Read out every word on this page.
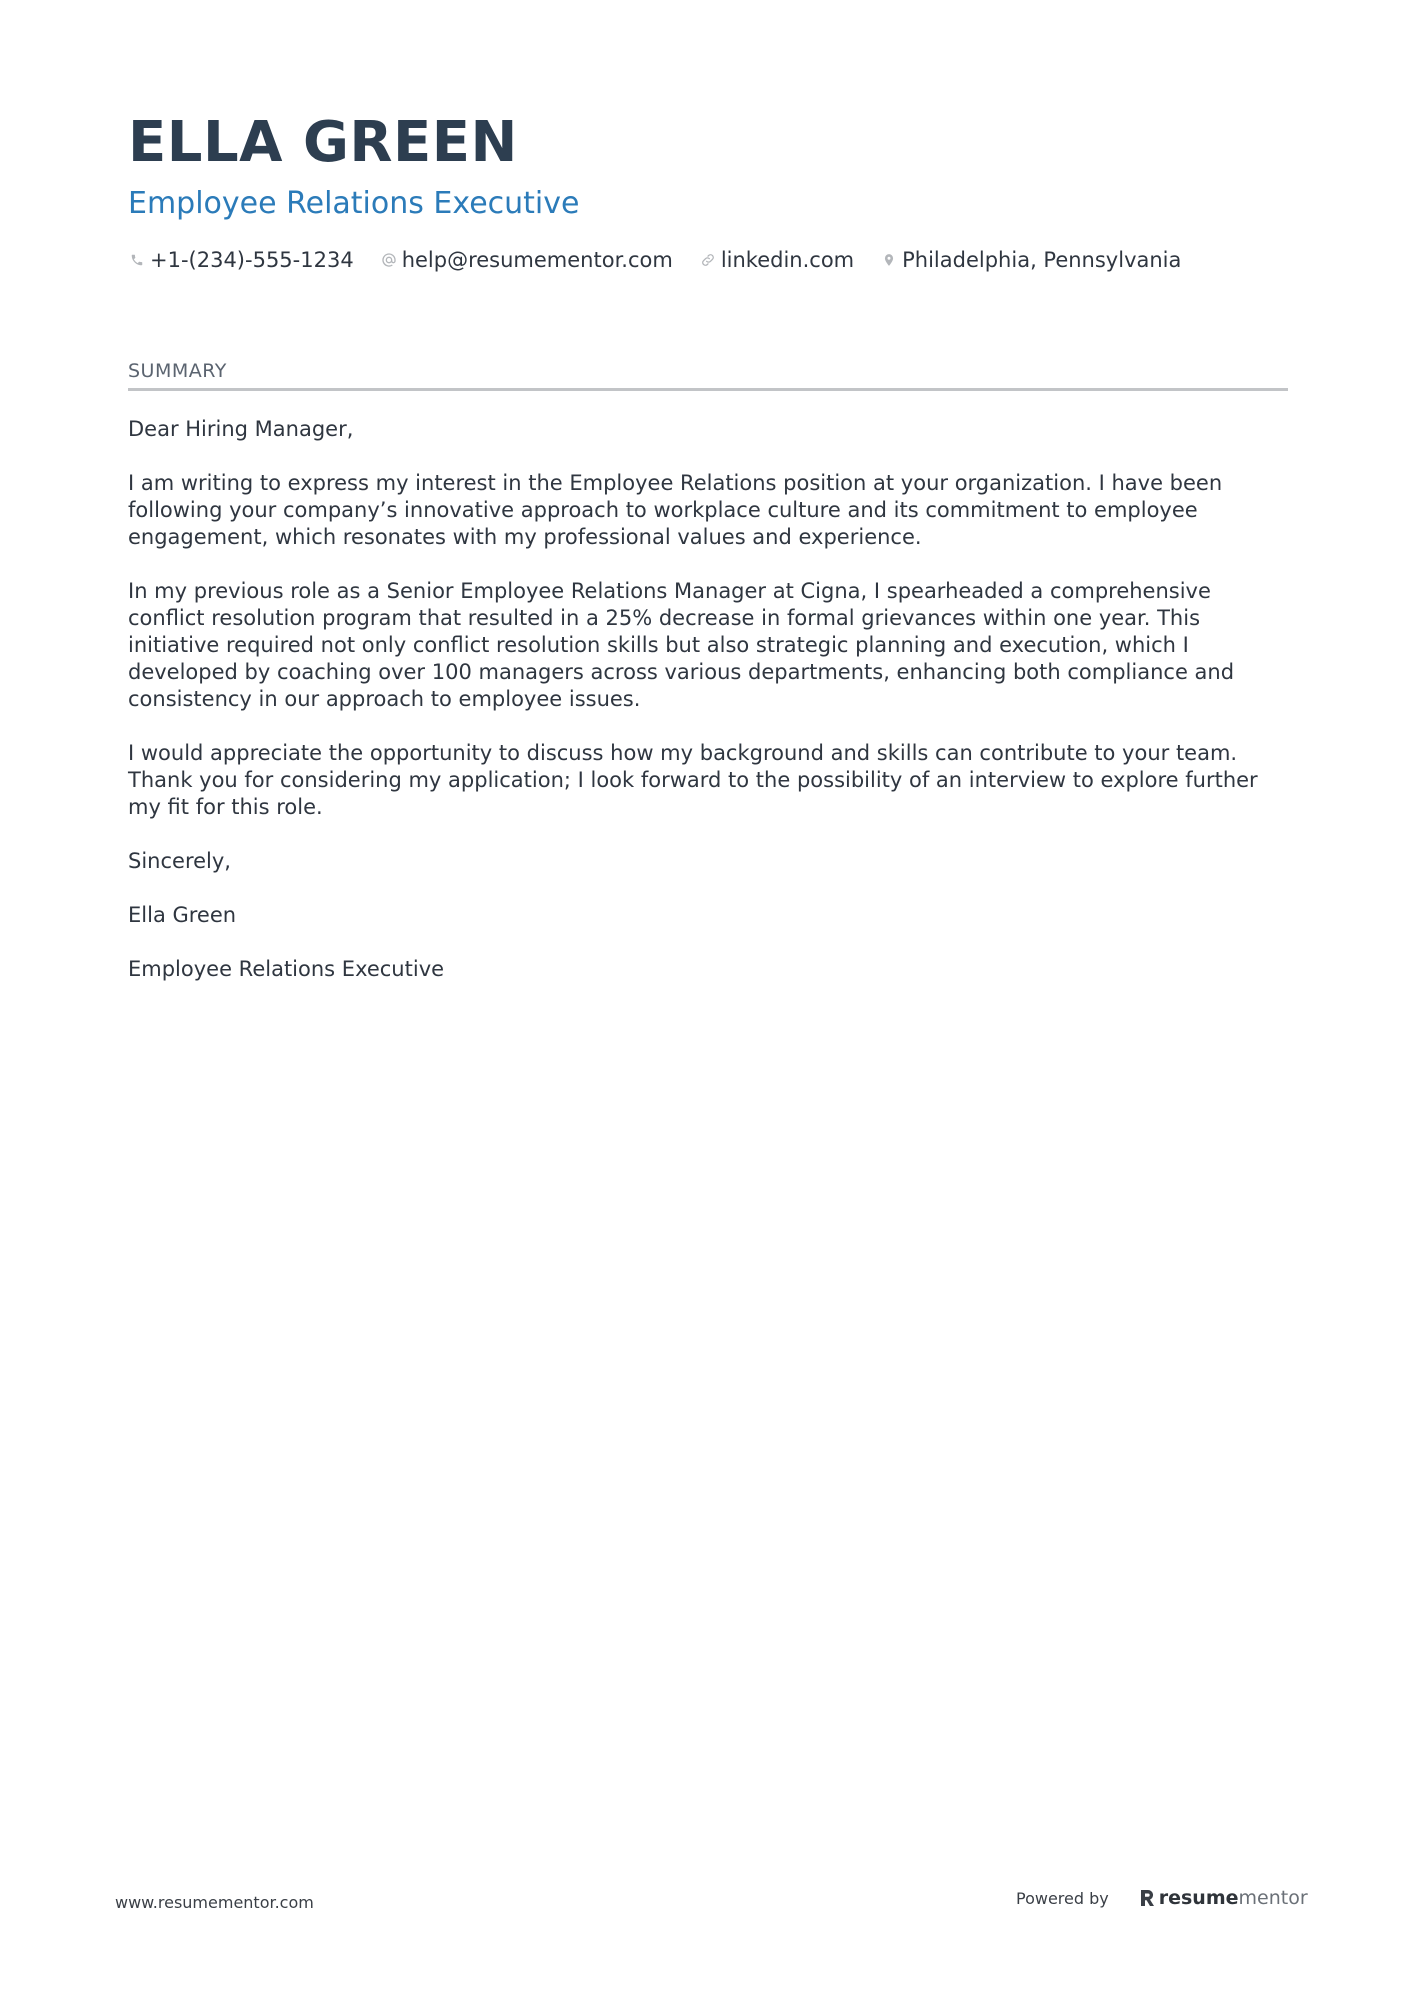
ELLA GREEN
Employee Relations Executive
+1-(234)-555-1234 help@resumementor.com linkedin.com Philadelphia, Pennsylvania
SUMMARY

Dear Hiring Manager,

I am writing to express my interest in the Employee Relations position at your organization. I have been following your company’s innovative approach to workplace culture and its commitment to employee engagement, which resonates with my professional values and experience.

In my previous role as a Senior Employee Relations Manager at Cigna, I spearheaded a comprehensive conflict resolution program that resulted in a 25% decrease in formal grievances within one year. This initiative required not only conflict resolution skills but also strategic planning and execution, which I developed by coaching over 100 managers across various departments, enhancing both compliance and consistency in our approach to employee issues.

I would appreciate the opportunity to discuss how my background and skills can contribute to your team. Thank you for considering my application; I look forward to the possibility of an interview to explore further my fit for this role.

Sincerely,

Ella Green

Employee Relations Executive

www.resumementor.com	Powered by	resume mentor
